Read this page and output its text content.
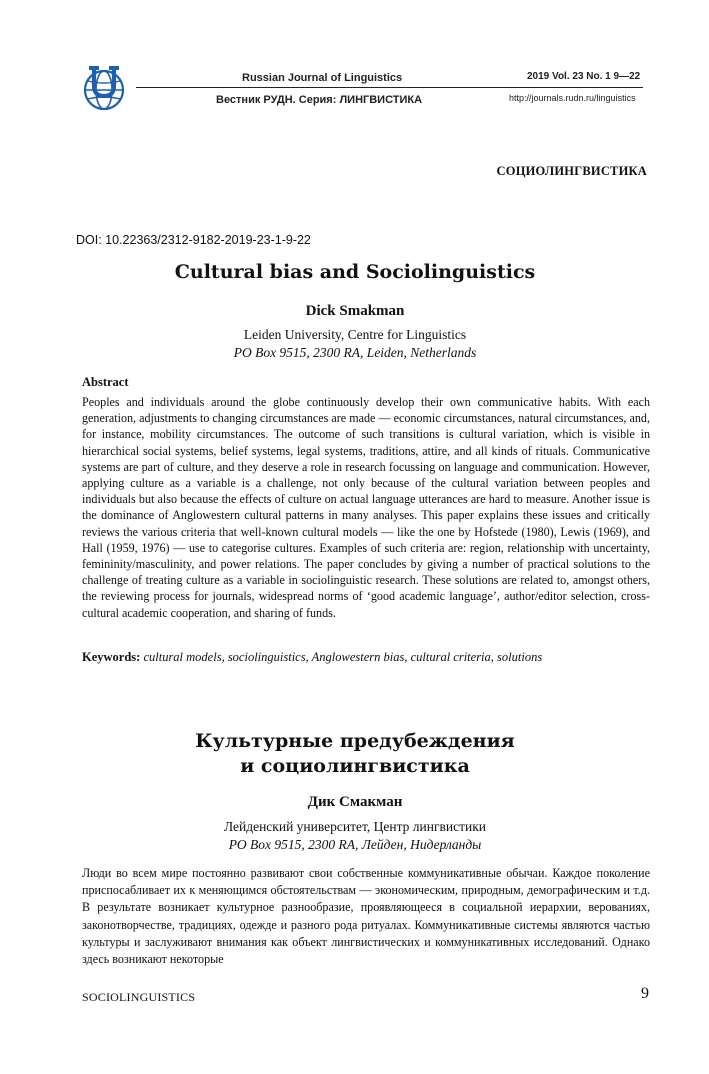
Russian Journal of Linguistics
Вестник РУДН. Серия: ЛИНГВИСТИКА
2019 Vol. 23 No. 1 9—22
http://journals.rudn.ru/linguistics
СОЦИОЛИНГВИСТИКА
DOI: 10.22363/2312-9182-2019-23-1-9-22
Cultural bias and Sociolinguistics
Dick Smakman
Leiden University, Centre for Linguistics
PO Box 9515, 2300 RA, Leiden, Netherlands
Abstract
Peoples and individuals around the globe continuously develop their own communicative habits. With each generation, adjustments to changing circumstances are made — economic circumstances, natural circumstances, and, for instance, mobility circumstances. The outcome of such transitions is cultural variation, which is visible in hierarchical social systems, belief systems, legal systems, traditions, attire, and all kinds of rituals. Communicative systems are part of culture, and they deserve a role in research focussing on language and communication. However, applying culture as a variable is a challenge, not only because of the cultural variation between peoples and individuals but also because the effects of culture on actual language utterances are hard to measure. Another issue is the dominance of Anglowestern cultural patterns in many analyses. This paper explains these issues and critically reviews the various criteria that well-known cultural models — like the one by Hofstede (1980), Lewis (1969), and Hall (1959, 1976) — use to categorise cultures. Examples of such criteria are: region, relationship with uncertainty, femininity/masculinity, and power relations. The paper concludes by giving a number of practical solutions to the challenge of treating culture as a variable in sociolinguistic research. These solutions are related to, amongst others, the reviewing process for journals, widespread norms of ‘good academic language’, author/editor selection, cross-cultural academic cooperation, and sharing of funds.
Keywords: cultural models, sociolinguistics, Anglowestern bias, cultural criteria, solutions
Культурные предубеждения
и социолингвистика
Дик Смакман
Лейденский университет, Центр лингвистики
PO Box 9515, 2300 RA, Лейден, Нидерланды
Люди во всем мире постоянно развивают свои собственные коммуникативные обычаи. Каждое поколение приспосабливает их к меняющимся обстоятельствам — экономическим, природным, демографическим и т.д. В результате возникает культурное разнообразие, проявляющееся в социальной иерархии, верованиях, законотворчестве, традициях, одежде и разного рода ритуалах. Коммуникативные системы являются частью культуры и заслуживают внимания как объект лингвистических и коммуникативных исследований. Однако здесь возникают некоторые
SOCIOLINGUISTICS	9
